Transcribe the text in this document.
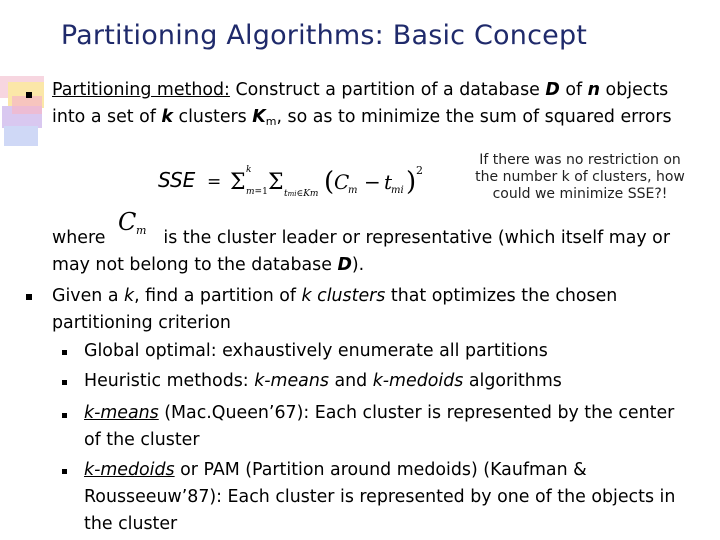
Partitioning Algorithms: Basic Concept
Partitioning method: Construct a partition of a database D of n objects into a set of k clusters $K_m$, so as to minimize the sum of squared errors
SSE = Σ k
m=1 Σ tmi∈Km ( C
m − t
mi ) 2
If there was no restriction on the number k of clusters, how could we minimize SSE?!
where	is the cluster leader or representative (which itself may or may not belong to the database D).
C m
Given a k, find a partition of k clusters that optimizes the chosen partitioning criterion
Global optimal: exhaustively enumerate all partitions
Heuristic methods: k-means and k-medoids algorithms
k-means (Mac.Queen’67): Each cluster is represented by the center of the cluster
k-medoids or PAM (Partition around medoids) (Kaufman & Rousseeuw’87): Each cluster is represented by one of the objects in the cluster
